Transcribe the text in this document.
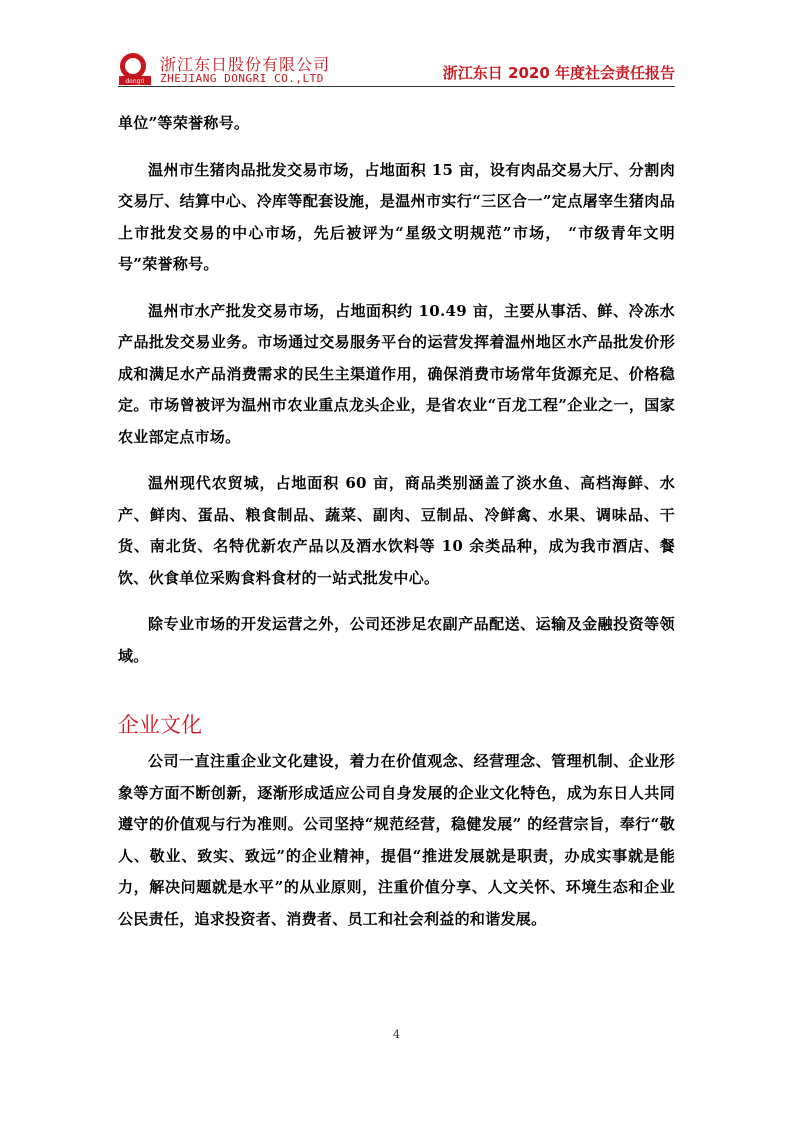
dongri
浙江东日股份有限公司
ZHEJIANG DONGRI CO.,LTD	浙江东日 2020 年度社会责任报告

单位”等荣誉称号。

温州市生猪肉品批发交易市场，占地面积 15 亩，设有肉品交易大厅、分割肉交易厅、结算中心、冷库等配套设施，是温州市实行“三区合一”定点屠宰生猪肉品上市批发交易的中心市场，先后被评为“星级文明规范”市场， “市级青年文明号”荣誉称号。

温州市水产批发交易市场，占地面积约 10.49 亩，主要从事活、鲜、冷冻水产品批发交易业务。市场通过交易服务平台的运营发挥着温州地区水产品批发价形成和满足水产品消费需求的民生主渠道作用，确保消费市场常年货源充足、价格稳定。市场曾被评为温州市农业重点龙头企业，是省农业“百龙工程”企业之一，国家农业部定点市场。

温州现代农贸城，占地面积 60 亩，商品类别涵盖了淡水鱼、高档海鲜、水产、鲜肉、蛋品、粮食制品、蔬菜、副肉、豆制品、冷鲜禽、水果、调味品、干货、南北货、名特优新农产品以及酒水饮料等 10 余类品种，成为我市酒店、餐饮、伙食单位采购食料食材的一站式批发中心。

除专业市场的开发运营之外，公司还涉足农副产品配送、运输及金融投资等领域。

企业文化

公司一直注重企业文化建设，着力在价值观念、经营理念、管理机制、企业形象等方面不断创新，逐渐形成适应公司自身发展的企业文化特色，成为东日人共同遵守的价值观与行为准则。公司坚持“规范经营，稳健发展” 的经营宗旨，奉行“敬人、敬业、致实、致远”的企业精神，提倡“推进发展就是职责，办成实事就是能力，解决问题就是水平”的从业原则，注重价值分享、人文关怀、环境生态和企业公民责任，追求投资者、消费者、员工和社会利益的和谐发展。

4
